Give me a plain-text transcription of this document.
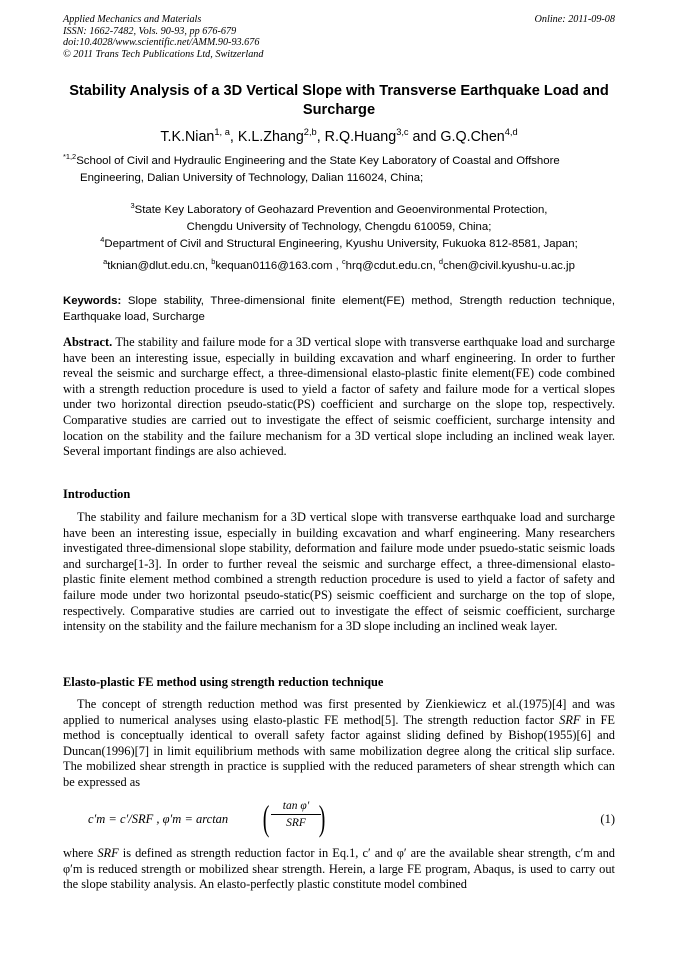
Applied Mechanics and Materials
ISSN: 1662-7482, Vols. 90-93, pp 676-679
doi:10.4028/www.scientific.net/AMM.90-93.676
© 2011 Trans Tech Publications Ltd, Switzerland
Online: 2011-09-08
Stability Analysis of a 3D Vertical Slope with Transverse Earthquake Load and Surcharge
T.K.Nian$^{1, a}$, K.L.Zhang$^{2,b}$, R.Q.Huang$^{3,c}$ and G.Q.Chen$^{4,d}$
$^{*1,2}$School of Civil and Hydraulic Engineering and the State Key Laboratory of Coastal and Offshore
Engineering, Dalian University of Technology, Dalian 116024, China;
$^3$State Key Laboratory of Geohazard Prevention and Geoenvironmental Protection,
Chengdu University of Technology, Chengdu 610059, China;
$^4$Department of Civil and Structural Engineering, Kyushu University, Fukuoka 812-8581, Japan;
$^a$tknian@dlut.edu.cn, $^b$kequan0116@163.com , $^c$hrq@cdut.edu.cn, $^d$chen@civil.kyushu-u.ac.jp
Keywords: Slope stability, Three-dimensional finite element(FE) method, Strength reduction technique, Earthquake load, Surcharge
Abstract. The stability and failure mode for a 3D vertical slope with transverse earthquake load and surcharge have been an interesting issue, especially in building excavation and wharf engineering. In order to further reveal the seismic and surcharge effect, a three-dimensional elasto-plastic finite element(FE) code combined with a strength reduction procedure is used to yield a factor of safety and failure mode for a vertical slopes under two horizontal direction pseudo-static(PS) coefficient and surcharge on the slope top, respectively. Comparative studies are carried out to investigate the effect of seismic coefficient, surcharge intensity and location on the stability and the failure mechanism for a 3D vertical slope including an inclined weak layer. Several important findings are also achieved.
Introduction
The stability and failure mechanism for a 3D vertical slope with transverse earthquake load and surcharge have been an interesting issue, especially in building excavation and wharf engineering. Many researchers investigated three-dimensional slope stability, deformation and failure mode under psuedo-static seismic loads and surcharge[1-3]. In order to further reveal the seismic and surcharge effect, a three-dimensional elasto-plastic finite element method combined a strength reduction procedure is used to yield a factor of safety and failure mode under two horizontal pseudo-static(PS) seismic coefficient and surcharge on the top of slope, respectively. Comparative studies are carried out to investigate the effect of seismic coefficient, surcharge intensity on the stability and the failure mechanism for a 3D slope including an inclined weak layer.
Elasto-plastic FE method using strength reduction technique
The concept of strength reduction method was first presented by Zienkiewicz et al.(1975)[4] and was applied to numerical analyses using elasto-plastic FE method[5]. The strength reduction factor SRF in FE method is conceptually identical to overall safety factor against sliding defined by Bishop(1955)[6] and Duncan(1996)[7] in limit equilibrium methods with same mobilization degree along the critical slip surface. The mobilized shear strength in practice is supplied with the reduced parameters of shear strength which can be expressed as
c′m = c′/SRF , φ′m = arctan (	tan φ′
SRF )	(1)
where SRF is defined as strength reduction factor in Eq.1, c′ and φ′ are the available shear strength, c′m and φ′m is reduced strength or mobilized shear strength. Herein, a large FE program, Abaqus, is used to carry out the slope stability analysis. An elasto-perfectly plastic constitute model combined
